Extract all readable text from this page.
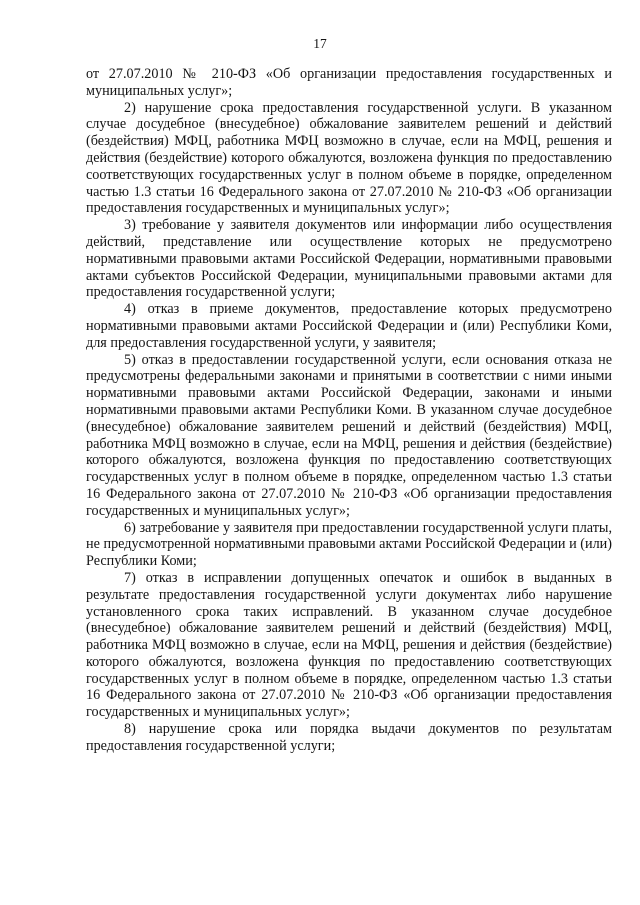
17

от 27.07.2010 № 210-ФЗ «Об организации предоставления государственных и муниципальных услуг»;

2) нарушение срока предоставления государственной услуги. В указанном случае досудебное (внесудебное) обжалование заявителем решений и действий (бездействия) МФЦ, работника МФЦ возможно в случае, если на МФЦ, решения и действия (бездействие) которого обжалуются, возложена функция по предоставлению соответствующих государственных услуг в полном объеме в порядке, определенном частью 1.3 статьи 16 Федерального закона от 27.07.2010 № 210-ФЗ «Об организации предоставления государственных и муниципальных услуг»;

3) требование у заявителя документов или информации либо осуществления действий, представление или осуществление которых не предусмотрено нормативными правовыми актами Российской Федерации, нормативными правовыми актами субъектов Российской Федерации, муниципальными правовыми актами для предоставления государственной услуги;

4) отказ в приеме документов, предоставление которых предусмотрено нормативными правовыми актами Российской Федерации и (или) Республики Коми, для предоставления государственной услуги, у заявителя;

5) отказ в предоставлении государственной услуги, если основания отказа не предусмотрены федеральными законами и принятыми в соответствии с ними иными нормативными правовыми актами Российской Федерации, законами и иными нормативными правовыми актами Республики Коми. В указанном случае досудебное (внесудебное) обжалование заявителем решений и действий (бездействия) МФЦ, работника МФЦ возможно в случае, если на МФЦ, решения и действия (бездействие) которого обжалуются, возложена функция по предоставлению соответствующих государственных услуг в полном объеме в порядке, определенном частью 1.3 статьи 16 Федерального закона от 27.07.2010 № 210-ФЗ «Об организации предоставления государственных и муниципальных услуг»;

6) затребование у заявителя при предоставлении государственной услуги платы, не предусмотренной нормативными правовыми актами Российской Федерации и (или) Республики Коми;

7) отказ в исправлении допущенных опечаток и ошибок в выданных в результате предоставления государственной услуги документах либо нарушение установленного срока таких исправлений. В указанном случае досудебное (внесудебное) обжалование заявителем решений и действий (бездействия) МФЦ, работника МФЦ возможно в случае, если на МФЦ, решения и действия (бездействие) которого обжалуются, возложена функция по предоставлению соответствующих государственных услуг в полном объеме в порядке, определенном частью 1.3 статьи 16 Федерального закона от 27.07.2010 № 210-ФЗ «Об организации предоставления государственных и муниципальных услуг»;

8) нарушение срока или порядка выдачи документов по результатам предоставления государственной услуги;
